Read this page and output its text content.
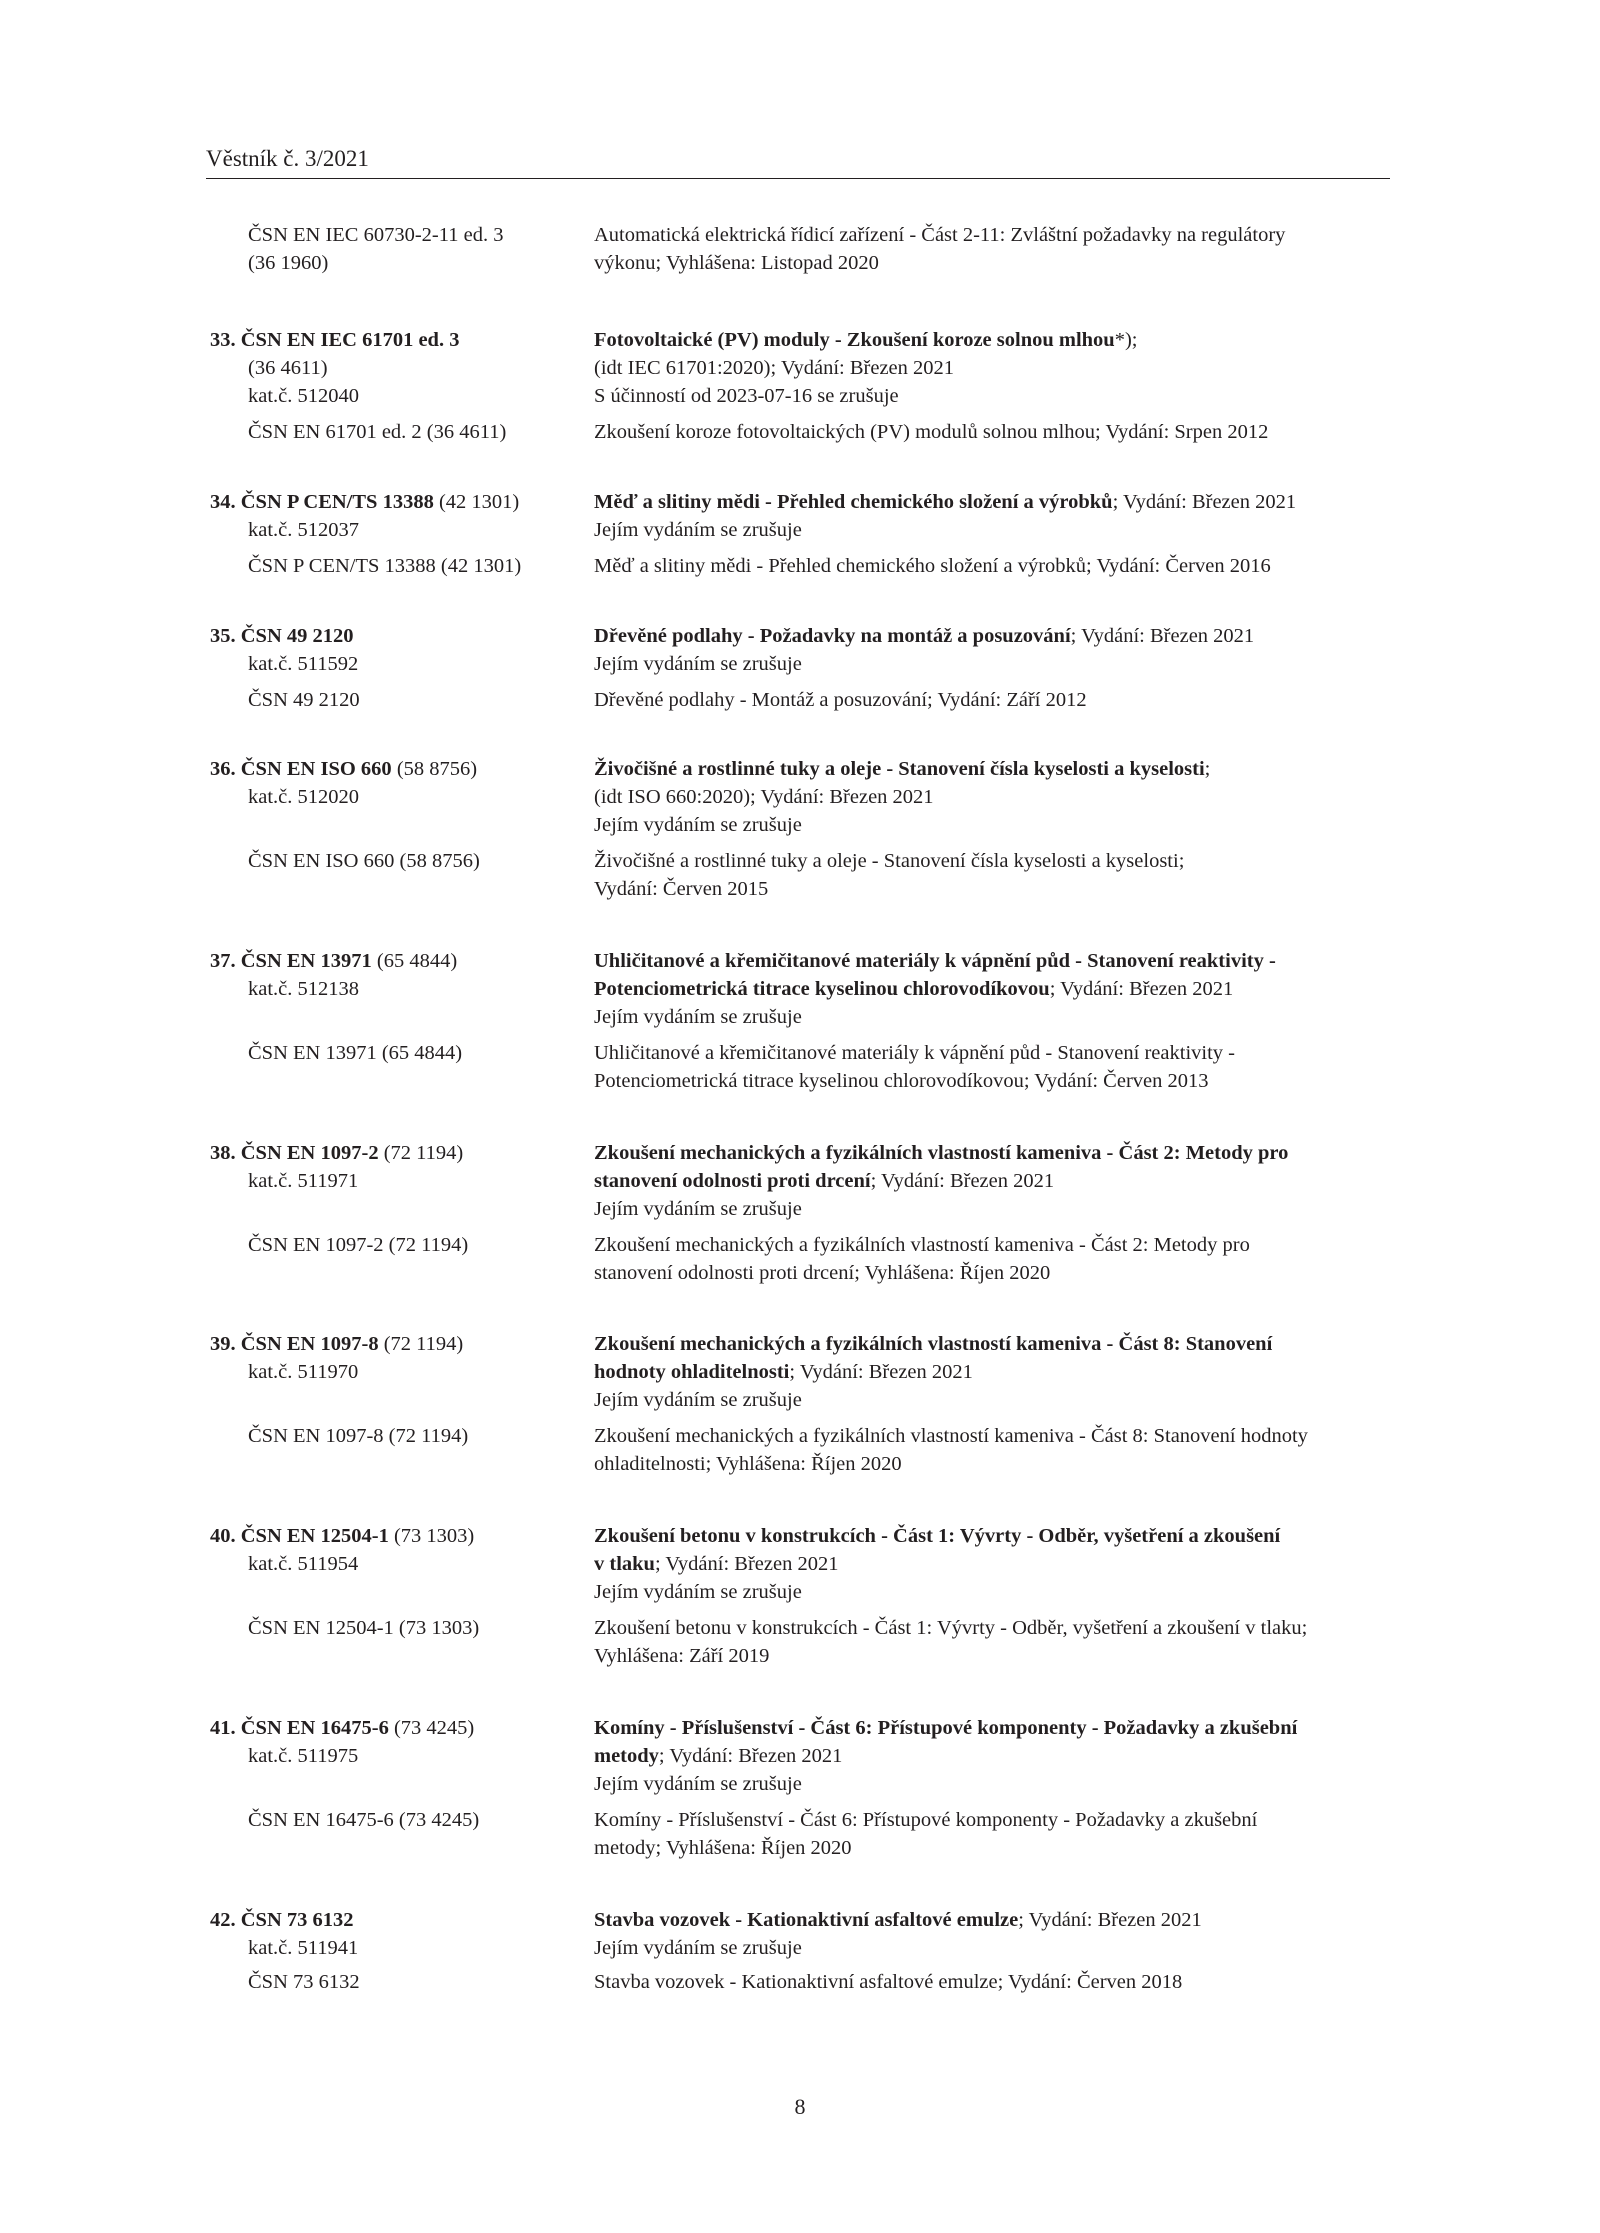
Věstník č. 3/2021
ČSN EN IEC 60730-2-11 ed. 3	Automatická elektrická řídicí zařízení - Část 2-11: Zvláštní požadavky na regulátory
(36 1960)	výkonu; Vyhlášena: Listopad 2020
33. ČSN EN IEC 61701 ed. 3	Fotovoltaické (PV) moduly - Zkoušení koroze solnou mlhou*);
(36 4611)	(idt IEC 61701:2020); Vydání: Březen 2021
kat.č. 512040	S účinností od 2023-07-16 se zrušuje
ČSN EN 61701 ed. 2 (36 4611)	Zkoušení koroze fotovoltaických (PV) modulů solnou mlhou; Vydání: Srpen 2012
34. ČSN P CEN/TS 13388 (42 1301)	Měď a slitiny mědi - Přehled chemického složení a výrobků; Vydání: Březen 2021
kat.č. 512037	Jejím vydáním se zrušuje
ČSN P CEN/TS 13388 (42 1301)	Měď a slitiny mědi - Přehled chemického složení a výrobků; Vydání: Červen 2016
35. ČSN 49 2120	Dřevěné podlahy - Požadavky na montáž a posuzování; Vydání: Březen 2021
kat.č. 511592	Jejím vydáním se zrušuje
ČSN 49 2120	Dřevěné podlahy - Montáž a posuzování; Vydání: Září 2012
36. ČSN EN ISO 660 (58 8756)	Živočišné a rostlinné tuky a oleje - Stanovení čísla kyselosti a kyselosti;
kat.č. 512020	(idt ISO 660:2020); Vydání: Březen 2021
Jejím vydáním se zrušuje
ČSN EN ISO 660 (58 8756)	Živočišné a rostlinné tuky a oleje - Stanovení čísla kyselosti a kyselosti;
Vydání: Červen 2015
37. ČSN EN 13971 (65 4844)	Uhličitanové a křemičitanové materiály k vápnění půd - Stanovení reaktivity -
kat.č. 512138	Potenciometrická titrace kyselinou chlorovodíkovou; Vydání: Březen 2021
Jejím vydáním se zrušuje
ČSN EN 13971 (65 4844)	Uhličitanové a křemičitanové materiály k vápnění půd - Stanovení reaktivity -
Potenciometrická titrace kyselinou chlorovodíkovou; Vydání: Červen 2013
38. ČSN EN 1097-2 (72 1194)	Zkoušení mechanických a fyzikálních vlastností kameniva - Část 2: Metody pro
kat.č. 511971	stanovení odolnosti proti drcení; Vydání: Březen 2021
Jejím vydáním se zrušuje
ČSN EN 1097-2 (72 1194)	Zkoušení mechanických a fyzikálních vlastností kameniva - Část 2: Metody pro
stanovení odolnosti proti drcení; Vyhlášena: Říjen 2020
39. ČSN EN 1097-8 (72 1194)	Zkoušení mechanických a fyzikálních vlastností kameniva - Část 8: Stanovení
kat.č. 511970	hodnoty ohladitelnosti; Vydání: Březen 2021
Jejím vydáním se zrušuje
ČSN EN 1097-8 (72 1194)	Zkoušení mechanických a fyzikálních vlastností kameniva - Část 8: Stanovení hodnoty
ohladitelnosti; Vyhlášena: Říjen 2020
40. ČSN EN 12504-1 (73 1303)	Zkoušení betonu v konstrukcích - Část 1: Vývrty - Odběr, vyšetření a zkoušení
kat.č. 511954	v tlaku; Vydání: Březen 2021
Jejím vydáním se zrušuje
ČSN EN 12504-1 (73 1303)	Zkoušení betonu v konstrukcích - Část 1: Vývrty - Odběr, vyšetření a zkoušení v tlaku;
Vyhlášena: Září 2019
41. ČSN EN 16475-6 (73 4245)	Komíny - Příslušenství - Část 6: Přístupové komponenty - Požadavky a zkušební
kat.č. 511975	metody; Vydání: Březen 2021
Jejím vydáním se zrušuje
ČSN EN 16475-6 (73 4245)	Komíny - Příslušenství - Část 6: Přístupové komponenty - Požadavky a zkušební
metody; Vyhlášena: Říjen 2020
42. ČSN 73 6132	Stavba vozovek - Kationaktivní asfaltové emulze; Vydání: Březen 2021
kat.č. 511941	Jejím vydáním se zrušuje
ČSN 73 6132	Stavba vozovek - Kationaktivní asfaltové emulze; Vydání: Červen 2018
8
